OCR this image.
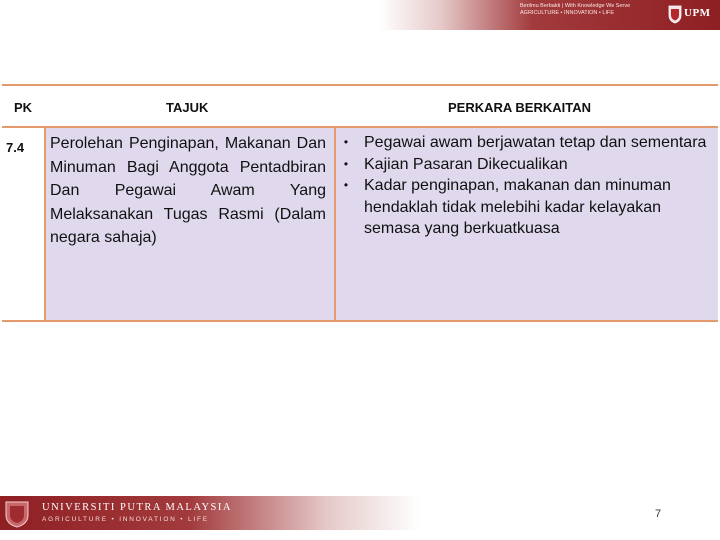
Berilmu Berbakti | With Knowledge We Serve
AGRICULTURE • INNOVATION • LIFE	UPM
PK	TAJUK	PERKARA BERKAITAN
7.4 Perolehan Penginapan, Makanan Dan Minuman Bagi Anggota Pentadbiran Dan Pegawai Awam Yang Melaksanakan Tugas Rasmi (Dalam negara sahaja)
• Pegawai awam berjawatan tetap dan sementara
• Kajian Pasaran Dikecualikan
• Kadar penginapan, makanan dan minuman hendaklah tidak melebihi kadar kelayakan semasa yang berkuatkuasa
UNIVERSITI PUTRA MALAYSIA
AGRICULTURE • INNOVATION • LIFE	7
